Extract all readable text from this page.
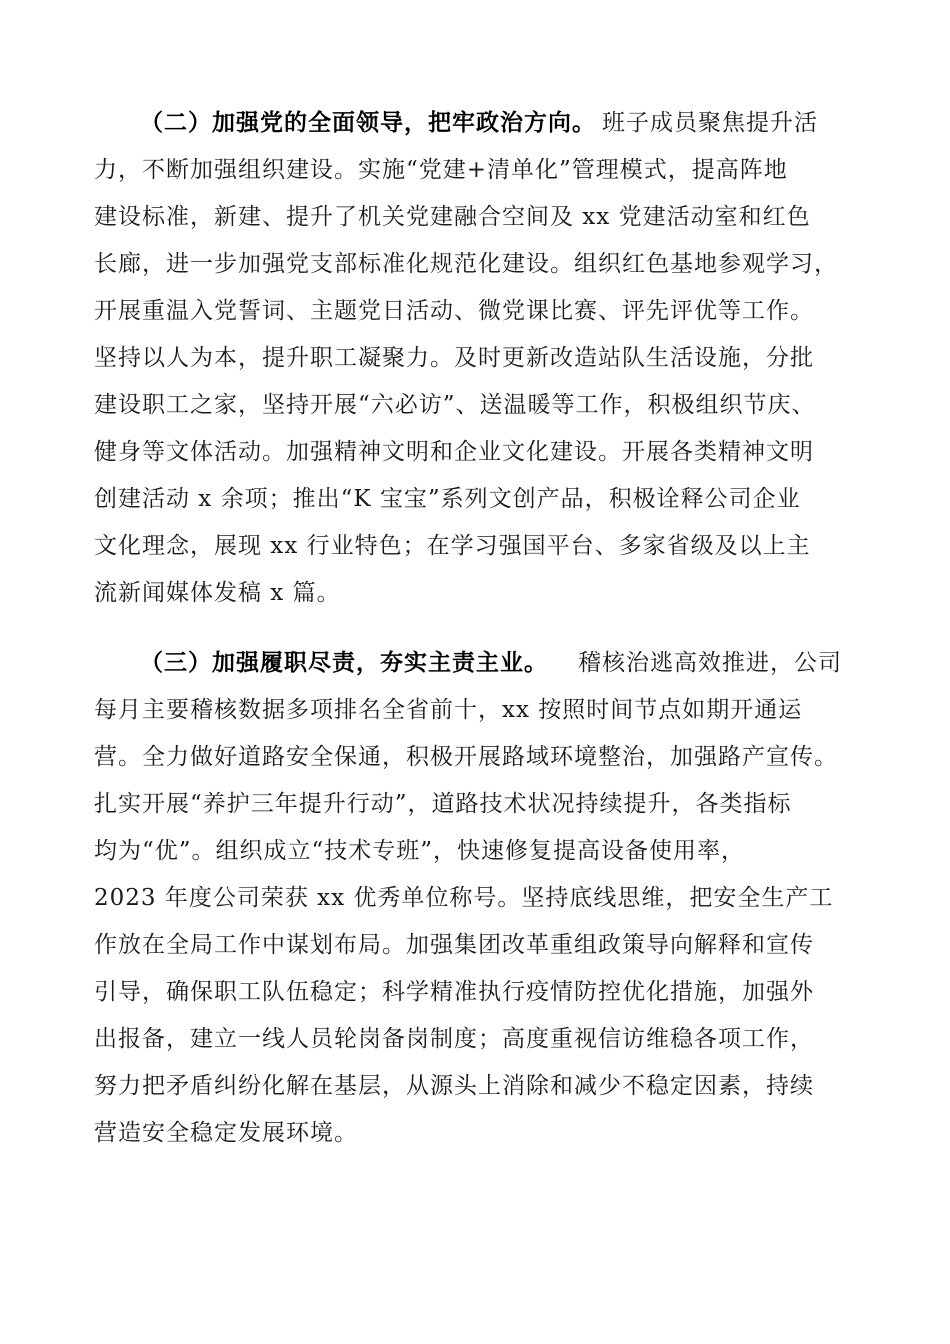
（二）加强党的全面领导，把牢政治方向。 班子成员聚焦提升活
力，不断加强组织建设。实施“党建+清单化”管理模式，提高阵地
建设标准，新建、提升了机关党建融合空间及 xx 党建活动室和红色
长廊，进一步加强党支部标准化规范化建设。组织红色基地参观学习，
开展重温入党誓词、主题党日活动、微党课比赛、评先评优等工作。
坚持以人为本，提升职工凝聚力。及时更新改造站队生活设施，分批
建设职工之家，坚持开展“六必访”、送温暖等工作，积极组织节庆、
健身等文体活动。加强精神文明和企业文化建设。开展各类精神文明
创建活动 x 余项；推出“K 宝宝”系列文创产品，积极诠释公司企业
文化理念，展现 xx 行业特色；在学习强国平台、多家省级及以上主
流新闻媒体发稿 x 篇。
（三）加强履职尽责，夯实主责主业。 稽核治逃高效推进，公司
每月主要稽核数据多项排名全省前十，xx 按照时间节点如期开通运
营。全力做好道路安全保通，积极开展路域环境整治，加强路产宣传。
扎实开展“养护三年提升行动”，道路技术状况持续提升，各类指标
均为“优”。组织成立“技术专班”，快速修复提高设备使用率，
2023 年度公司荣获 xx 优秀单位称号。坚持底线思维，把安全生产工
作放在全局工作中谋划布局。加强集团改革重组政策导向解释和宣传
引导，确保职工队伍稳定；科学精准执行疫情防控优化措施，加强外
出报备，建立一线人员轮岗备岗制度；高度重视信访维稳各项工作，
努力把矛盾纠纷化解在基层，从源头上消除和减少不稳定因素，持续
营造安全稳定发展环境。
